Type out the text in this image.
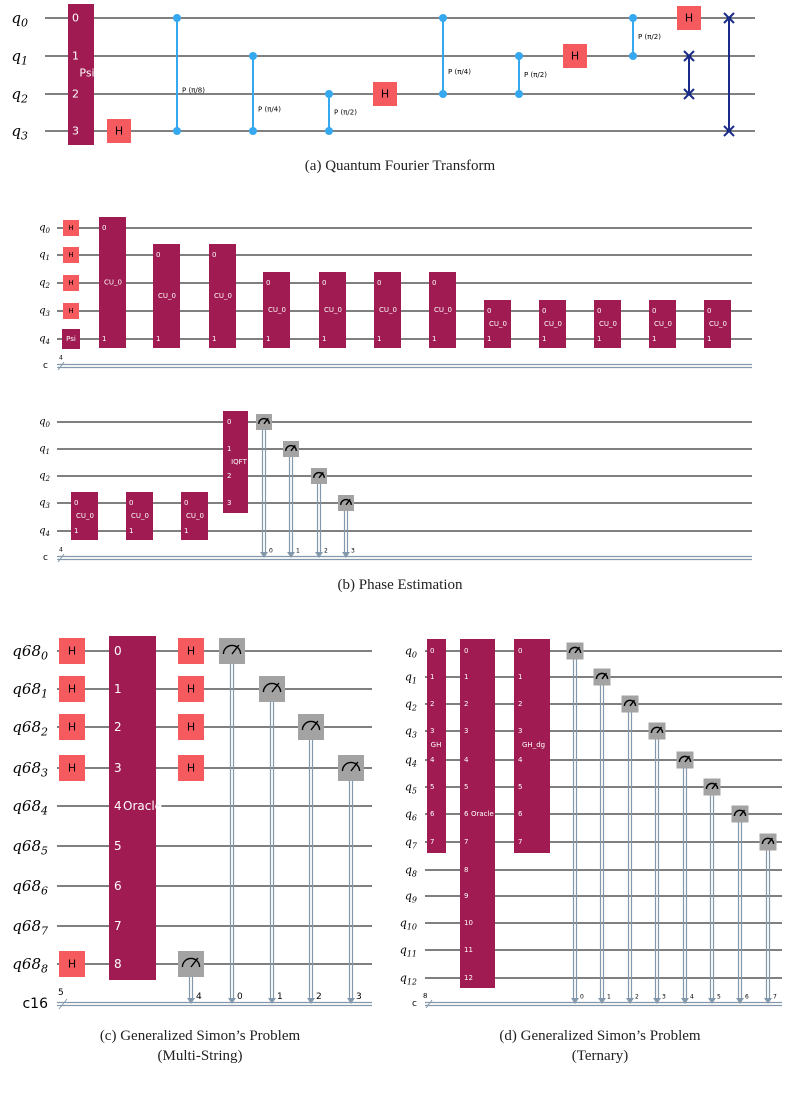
$q_0$
$q_1$
$q_2$
$q_3$
0
1
2
3
Psi
H
P (π/8)
P (π/4)	P (π/2)
P (π/4)	P (π/2)
P (π/2)
H
H
H
$q_0$
$q_1$
$q_2$
$q_3$
$q_4$
c
4
H
H
H
H
Psi
0
1
CU_0
0
1
CU_0
0
1
CU_0
0
1
CU_0
0
1
CU_0
0
1
CU_0
0
1
CU_0	0
1
CU_0
0
1
CU_0
0
1
CU_0
0
1
CU_0
0
1
CU_0
$q_0$
$q_1$
$q_2$
$q_3$
$q_4$
c
4
0
1
CU_0
0
1
CU_0
0
1
CU_0
0
1
2
3
IQFT
0	1	2	3
$q68_0$
$q68_1$
$q68_2$
$q68_3$
$q68_4$
$q68_5$
$q68_6$
$q68_7$
$q68_8$
c16
5
H
H
H
H
H
0
1
2
3
4
5
6
7
8
Oracle
H
H
H
H
4	0	1	2	3
$q_0$
$q_1$
$q_2$
$q_3$
$q_4$
$q_5$
$q_6$
$q_7$
$q_8$
$q_9$
$q_{10}$
$q_{11}$
$q_{12}$
c
8
0
1
2
3
4
5
6
7
GH
0
1
2
3
4
5
6
7
8
9
10
11
12
Oracle
0
1
2
3
4
5
6
7
GH_dg
0	1	2	3	4	5	6	7
(a) Quantum Fourier Transform
(b) Phase Estimation
(c) Generalized Simon’s Problem
(Multi-String)
(d) Generalized Simon’s Problem
(Ternary)
